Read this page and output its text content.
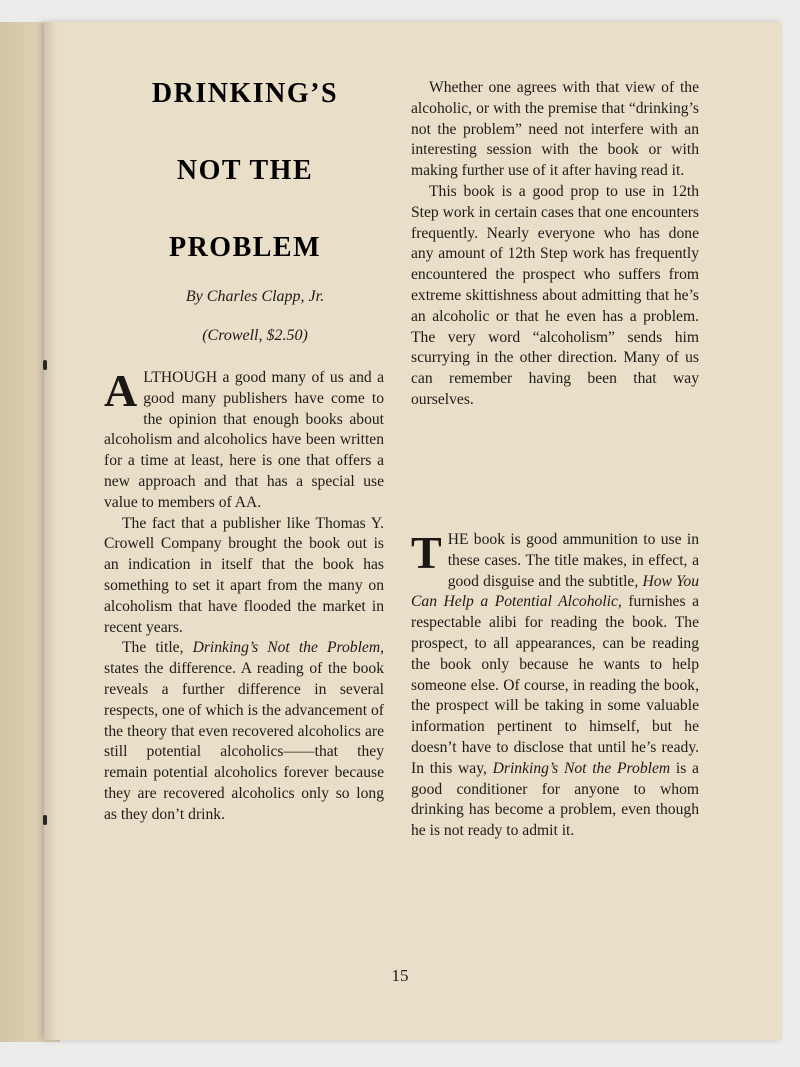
DRINKING’S
NOT THE
PROBLEM
By Charles Clapp, Jr.
(Crowell, $2.50)

ALTHOUGH a good many of us and a good many publishers have come to the opinion that enough books about alcoholism and alcoholics have been written for a time at least, here is one that offers a new approach and that has a special use value to members of AA.

The fact that a publisher like Thomas Y. Crowell Company brought the book out is an indication in itself that the book has something to set it apart from the many on alcoholism that have flooded the market in recent years.

The title, Drinking’s Not the Problem, states the difference. A reading of the book reveals a further difference in several respects, one of which is the advancement of the theory that even recovered alcoholics are still potential alcoholics——that they remain potential alcoholics forever because they are recovered alcoholics only so long as they don’t drink.

Whether one agrees with that view of the alcoholic, or with the premise that “drinking’s not the problem” need not interfere with an interesting session with the book or with making further use of it after having read it.

This book is a good prop to use in 12th Step work in certain cases that one encounters frequently. Nearly everyone who has done any amount of 12th Step work has frequently encountered the prospect who suffers from extreme skittishness about admitting that he’s an alcoholic or that he even has a problem. The very word “alcoholism” sends him scurrying in the other direction. Many of us can remember having been that way ourselves.

THE book is good ammunition to use in these cases. The title makes, in effect, a good disguise and the subtitle, How You Can Help a Potential Alcoholic, furnishes a respectable alibi for reading the book. The prospect, to all appearances, can be reading the book only because he wants to help someone else. Of course, in reading the book, the prospect will be taking in some valuable information pertinent to himself, but he doesn’t have to disclose that until he’s ready. In this way, Drinking’s Not the Problem is a good conditioner for anyone to whom drinking has become a problem, even though he is not ready to admit it.

15
